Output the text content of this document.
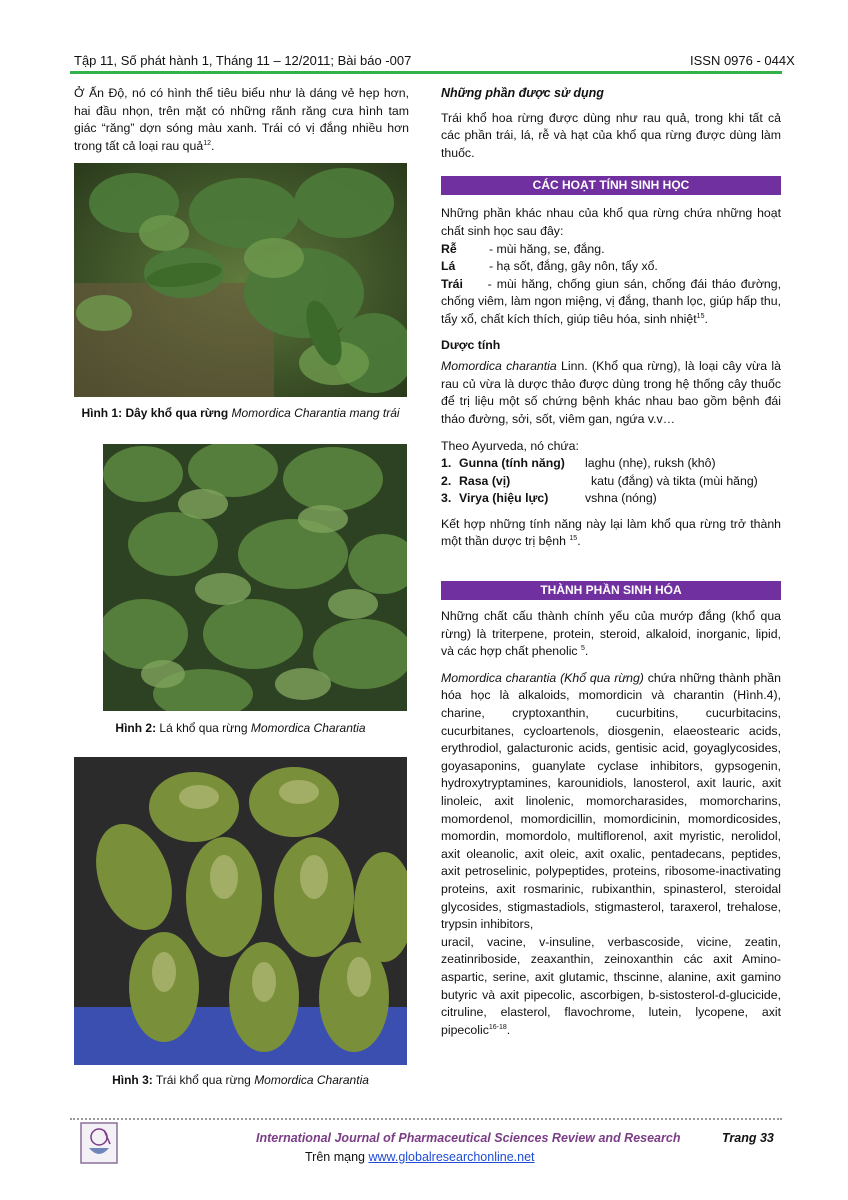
Tập 11, Số phát hành 1, Tháng 11 – 12/2011; Bài báo -007	ISSN 0976 - 044X

Ở Ấn Độ, nó có hình thể tiêu biểu như là dáng vẻ hẹp hơn, hai đầu nhọn, trên mặt có những rãnh răng cưa hình tam giác “răng” dợn sóng màu xanh. Trái có vị đắng nhiều hơn trong tất cả loại rau quả$^{12}$.

Hình 1: Dây khổ qua rừng Momordica Charantia mang trái
Hình 2: Lá khổ qua rừng Momordica Charantia
Hình 3: Trái khổ qua rừng Momordica Charantia

Những phần được sử dụng

Trái khổ hoa rừng được dùng như rau quả, trong khi tất cả các phần trái, lá, rễ và hạt của khổ qua rừng được dùng làm thuốc.

CÁC HOẠT TÍNH SINH HỌC

Những phần khác nhau của khổ qua rừng chứa những hoạt chất sinh học sau đây:

Rễ	- mùi hăng, se, đắng.
Lá	- hạ sốt, đắng, gây nôn, tẩy xổ.

Trái     - mùi hăng, chống giun sán, chống đái tháo đường, chống viêm, làm ngon miệng, vị đắng, thanh lọc, giúp hấp thu, tẩy xổ, chất kích thích, giúp tiêu hóa, sinh nhiệt$^{15}$.

Dược tính

Momordica charantia Linn. (Khổ qua rừng), là loại cây vừa là rau củ vừa là dược thảo được dùng trong hệ thống cây thuốc để trị liệu một số chứng bệnh khác nhau bao gồm bệnh đái tháo đường, sởi, sốt, viêm gan, ngứa v.v…

Theo Ayurveda, nó chứa:
1. Gunna (tính năng)	laghu (nhẹ), ruksh (khô)
2. Rasa (vị)	katu (đắng) và tikta (mùi hăng)
3. Virya (hiệu lực)	vshna (nóng)

Kết hợp những tính năng này lại làm khổ qua rừng trở thành một thần dược trị bệnh $^{15}$.

THÀNH PHẦN SINH HÓA

Những chất cấu thành chính yếu của mướp đắng (khổ qua rừng) là triterpene, protein, steroid, alkaloid, inorganic, lipid, và các hợp chất phenolic $^5$.

Momordica charantia (Khổ qua rừng) chứa những thành phần hóa học là alkaloids, momordicin và charantin (Hình.4), charine, cryptoxanthin, cucurbitins, cucurbitacins, cucurbitanes, cycloartenols, diosgenin, elaeostearic acids, erythrodiol, galacturonic acids, gentisic acid, goyaglycosides, goyasaponins, guanylate cyclase inhibitors, gypsogenin, hydroxytryptamines, karounidiols, lanosterol, axit lauric, axit linoleic, axit linolenic, momorcharasides, momorcharins, momordenol, momordicillin, momordicinin, momordicosides, momordin, momordolo, multiflorenol, axit myristic, nerolidol, axit oleanolic, axit oleic, axit oxalic, pentadecans, peptides, axit petroselinic, polypeptides, proteins, ribosome-inactivating proteins, axit rosmarinic, rubixanthin, spinasterol, steroidal glycosides, stigmastadiols, stigmasterol, taraxerol, trehalose, trypsin inhibitors,

uracil, vacine, v-insuline, verbascoside, vicine, zeatin, zeatinriboside, zeaxanthin, zeinoxanthin các axit Amino-aspartic, serine, axit glutamic, thscinne, alanine, axit gamino butyric và axit pipecolic, ascorbigen, b-sistosterol-d-glucicide, citruline, elasterol, flavochrome, lutein, lycopene, axit pipecolic$^{16-18}$.

International Journal of Pharmaceutical Sciences Review and Research	Trang 33
Trên mạng www.globalresearchonline.net
